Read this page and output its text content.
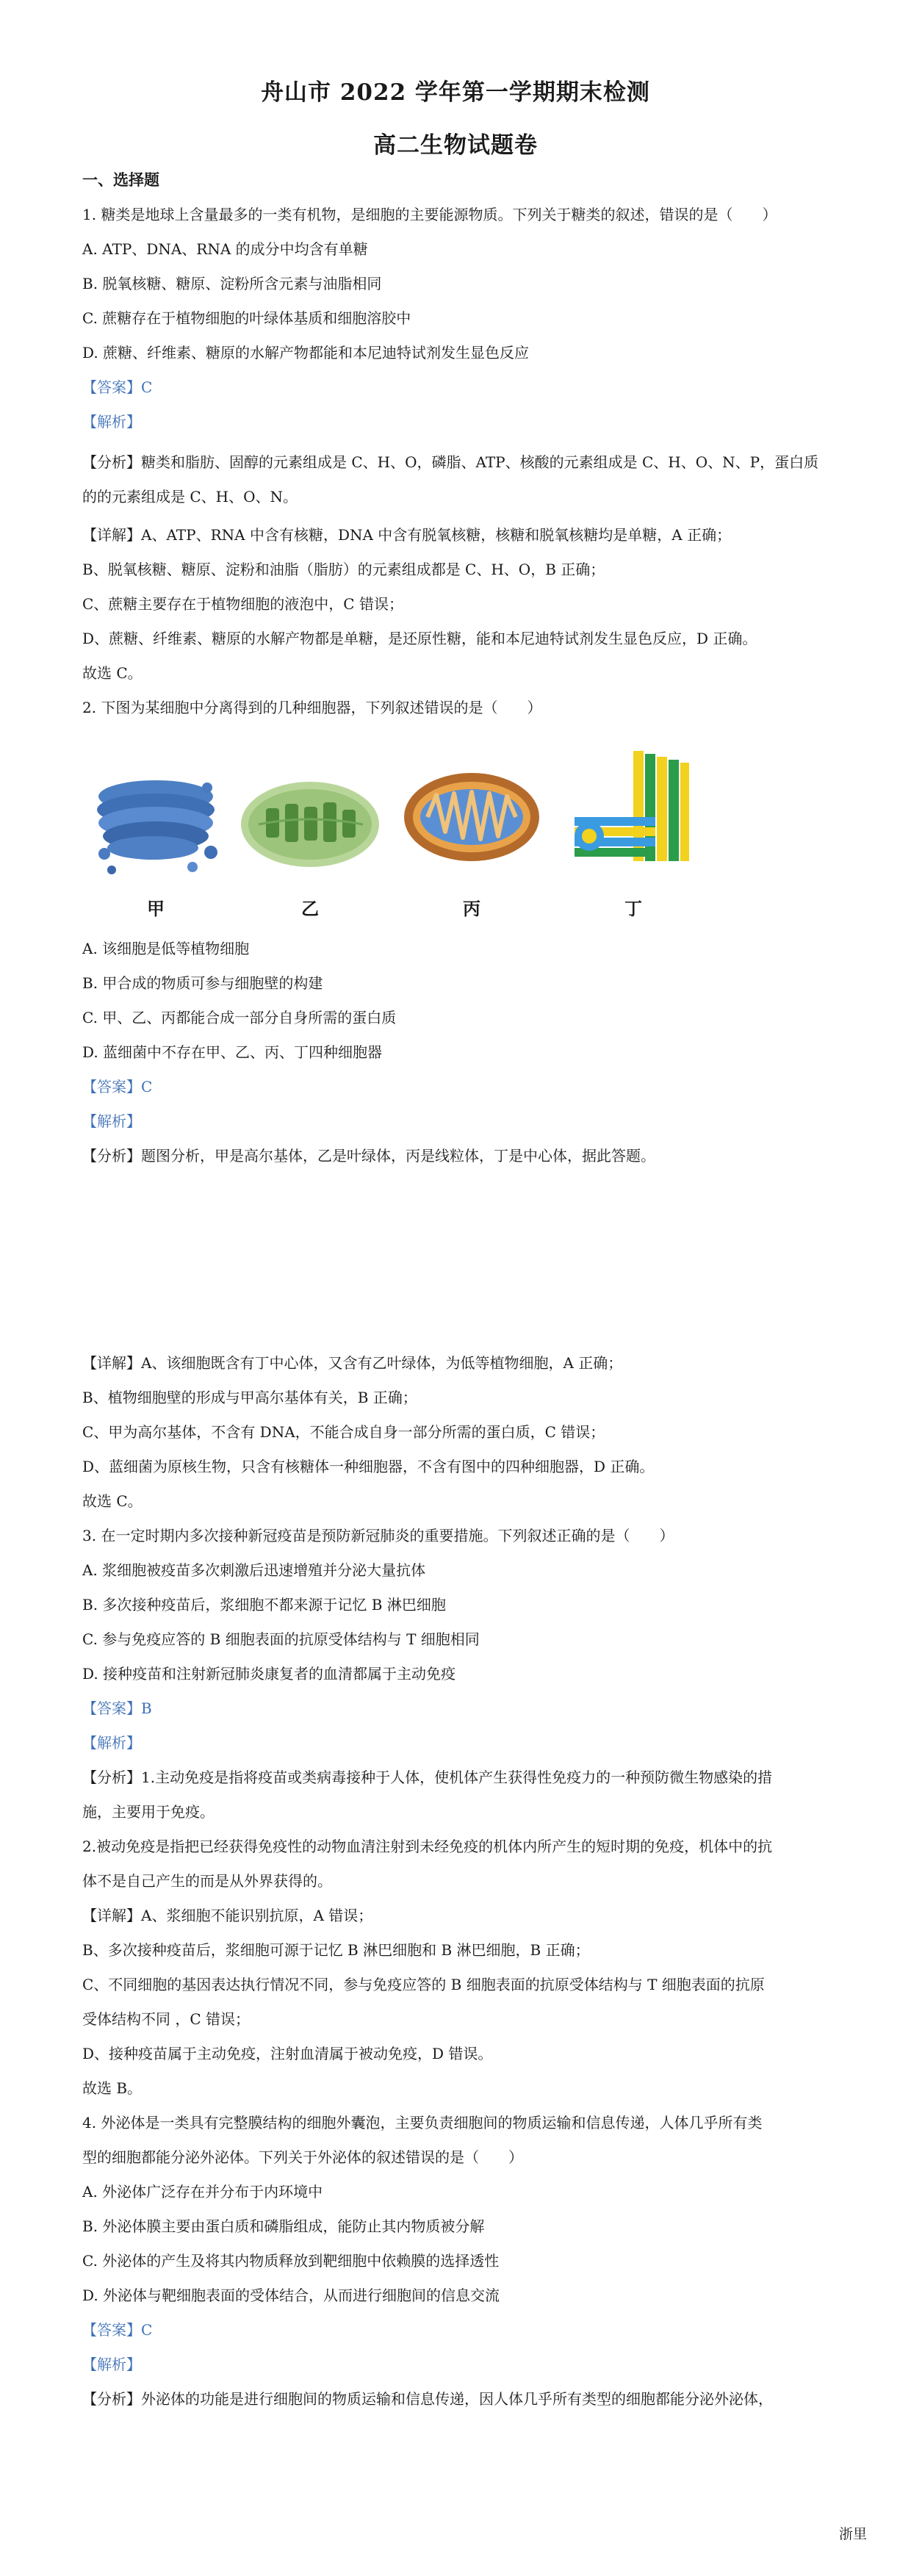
舟山市 2022 学年第一学期期末检测
高二生物试题卷
一、选择题
1. 糖类是地球上含量最多的一类有机物，是细胞的主要能源物质。下列关于糖类的叙述，错误的是（　　）
A. ATP、DNA、RNA 的成分中均含有单糖
B. 脱氧核糖、糖原、淀粉所含元素与油脂相同
C. 蔗糖存在于植物细胞的叶绿体基质和细胞溶胶中
D. 蔗糖、纤维素、糖原的水解产物都能和本尼迪特试剂发生显色反应
【答案】C
【解析】
【分析】糖类和脂肪、固醇的元素组成是 C、H、O，磷脂、ATP、核酸的元素组成是 C、H、O、N、P，蛋白质的的元素组成是 C、H、O、N。
【详解】A、ATP、RNA 中含有核糖，DNA 中含有脱氧核糖，核糖和脱氧核糖均是单糖，A 正确；
B、脱氧核糖、糖原、淀粉和油脂（脂肪）的元素组成都是 C、H、O，B 正确；
C、蔗糖主要存在于植物细胞的液泡中，C 错误；
D、蔗糖、纤维素、糖原的水解产物都是单糖，是还原性糖，能和本尼迪特试剂发生显色反应，D 正确。
故选 C。
2. 下图为某细胞中分离得到的几种细胞器，下列叙述错误的是（　　）
甲	乙	丙	丁
A. 该细胞是低等植物细胞
B. 甲合成的物质可参与细胞壁的构建
C. 甲、乙、丙都能合成一部分自身所需的蛋白质
D. 蓝细菌中不存在甲、乙、丙、丁四种细胞器
【答案】C
【解析】
【分析】题图分析，甲是高尔基体，乙是叶绿体，丙是线粒体，丁是中心体，据此答题。
【详解】A、该细胞既含有丁中心体，又含有乙叶绿体，为低等植物细胞，A 正确；
B、植物细胞壁的形成与甲高尔基体有关，B 正确；
C、甲为高尔基体，不含有 DNA，不能合成自身一部分所需的蛋白质，C 错误；
D、蓝细菌为原核生物，只含有核糖体一种细胞器，不含有图中的四种细胞器，D 正确。
故选 C。
3. 在一定时期内多次接种新冠疫苗是预防新冠肺炎的重要措施。下列叙述正确的是（　　）
A. 浆细胞被疫苗多次刺激后迅速增殖并分泌大量抗体
B. 多次接种疫苗后，浆细胞不都来源于记忆 B 淋巴细胞
C. 参与免疫应答的 B 细胞表面的抗原受体结构与 T 细胞相同
D. 接种疫苗和注射新冠肺炎康复者的血清都属于主动免疫
【答案】B
【解析】
【分析】1.主动免疫是指将疫苗或类病毒接种于人体，使机体产生获得性免疫力的一种预防微生物感染的措
施，主要用于免疫。
2.被动免疫是指把已经获得免疫性的动物血清注射到未经免疫的机体内所产生的短时期的免疫，机体中的抗
体不是自己产生的而是从外界获得的。
【详解】A、浆细胞不能识别抗原，A 错误；
B、多次接种疫苗后，浆细胞可源于记忆 B 淋巴细胞和 B 淋巴细胞，B 正确；
C、不同细胞的基因表达执行情况不同，参与免疫应答的 B 细胞表面的抗原受体结构与 T 细胞表面的抗原
受体结构不同 ，C 错误；
D、接种疫苗属于主动免疫，注射血清属于被动免疫，D 错误。
故选 B。
4. 外泌体是一类具有完整膜结构的细胞外囊泡，主要负责细胞间的物质运输和信息传递，人体几乎所有类
型的细胞都能分泌外泌体。下列关于外泌体的叙述错误的是（　　）
A. 外泌体广泛存在并分布于内环境中
B. 外泌体膜主要由蛋白质和磷脂组成，能防止其内物质被分解
C. 外泌体的产生及将其内物质释放到靶细胞中依赖膜的选择透性
D. 外泌体与靶细胞表面的受体结合，从而进行细胞间的信息交流
【答案】C
【解析】
【分析】外泌体的功能是进行细胞间的物质运输和信息传递，因人体几乎所有类型的细胞都能分泌外泌体，
浙里
